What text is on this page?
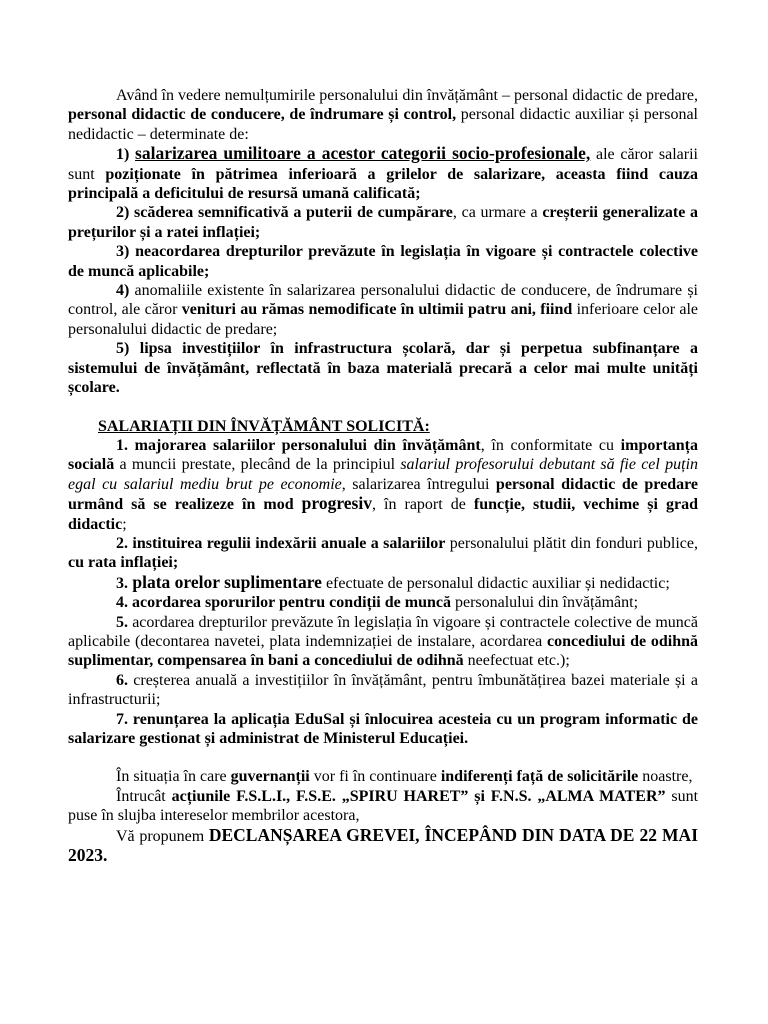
Având în vedere nemulțumirile personalului din învățământ – personal didactic de predare, personal didactic de conducere, de îndrumare și control, personal didactic auxiliar și personal nedidactic – determinate de:

1) salarizarea umilitoare a acestor categorii socio-profesionale, ale căror salarii sunt poziționate în pătrimea inferioară a grilelor de salarizare, aceasta fiind cauza principală a deficitului de resursă umană calificată;

2) scăderea semnificativă a puterii de cumpărare, ca urmare a creșterii generalizate a prețurilor și a ratei inflației;

3) neacordarea drepturilor prevăzute în legislația în vigoare și contractele colective de muncă aplicabile;

4) anomaliile existente în salarizarea personalului didactic de conducere, de îndrumare și control, ale căror venituri au rămas nemodificate în ultimii patru ani, fiind inferioare celor ale personalului didactic de predare;

5) lipsa investițiilor în infrastructura școlară, dar și perpetua subfinanțare a sistemului de învățământ, reflectată în baza materială precară a celor mai multe unități școlare.

SALARIAȚII DIN ÎNVĂȚĂMÂNT SOLICITĂ:

1. majorarea salariilor personalului din învățământ, în conformitate cu importanța socială a muncii prestate, plecând de la principiul salariul profesorului debutant să fie cel puțin egal cu salariul mediu brut pe economie, salarizarea întregului personal didactic de predare urmând să se realizeze în mod progresiv, în raport de funcție, studii, vechime și grad didactic;

2. instituirea regulii indexării anuale a salariilor personalului plătit din fonduri publice, cu rata inflației;

3. plata orelor suplimentare efectuate de personalul didactic auxiliar și nedidactic;

4. acordarea sporurilor pentru condiții de muncă personalului din învățământ;

5. acordarea drepturilor prevăzute în legislația în vigoare și contractele colective de muncă aplicabile (decontarea navetei, plata indemnizației de instalare, acordarea concediului de odihnă suplimentar, compensarea în bani a concediului de odihnă neefectuat etc.);

6. creșterea anuală a investițiilor în învățământ, pentru îmbunătățirea bazei materiale și a infrastructurii;

7. renunțarea la aplicația EduSal și înlocuirea acesteia cu un program informatic de salarizare gestionat și administrat de Ministerul Educației.

În situația în care guvernanții vor fi în continuare indiferenți față de solicitările noastre,

Întrucât acțiunile F.S.L.I., F.S.E. „SPIRU HARET” și F.N.S. „ALMA MATER” sunt puse în slujba intereselor membrilor acestora,

Vă propunem DECLANȘAREA GREVEI, ÎNCEPÂND DIN DATA DE 22 MAI 2023.
